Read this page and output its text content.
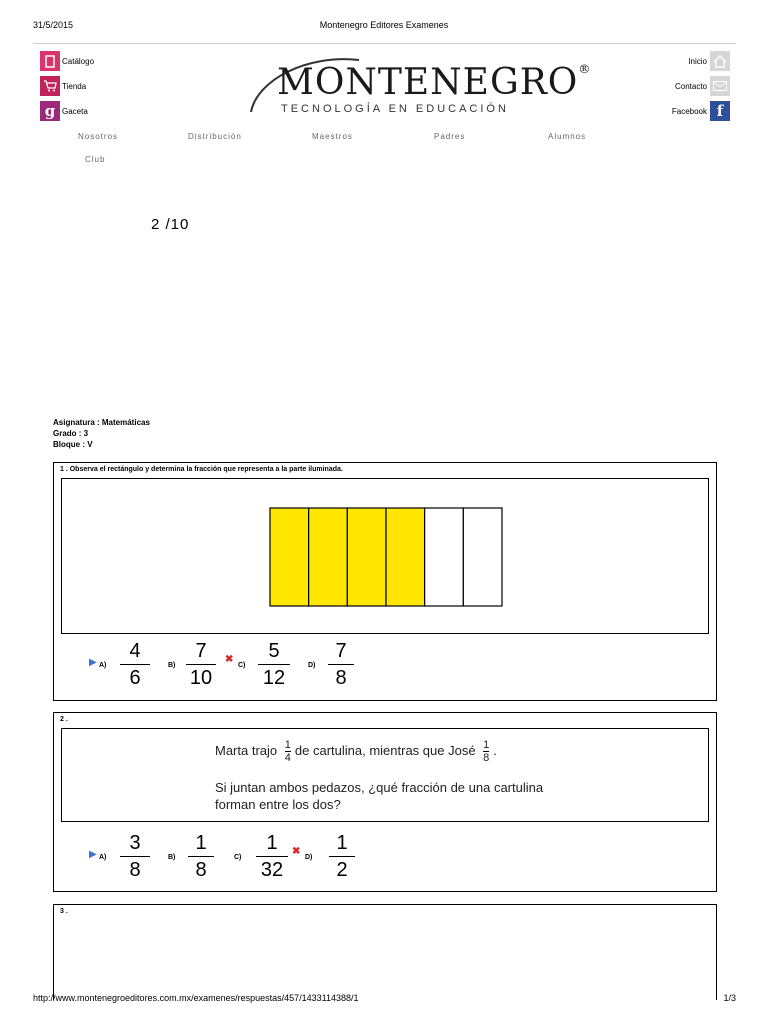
31/5/2015	Montenegro Editores Examenes
Catálogo
Tienda
g Gaceta
MONTENEGRO®
TECNOLOGÍA EN EDUCACIÓN
Inicio
Contacto
Facebook f
Nosotros	Distribución	Maestros	Padres	Alumnos
Club
2 /10
Asignatura : Matemáticas
Grado : 3
Bloque : V
1 . Observa el rectángulo y determina la fracción que representa a la parte iluminada.
▶ A)
4
6
B)
7
10
✖
C)
5
12
D)
7
8
2 .
Marta trajo $\frac{1}{4}$ de cartulina, mientras que José $\frac{1}{8}$ .
Si juntan ambos pedazos, ¿qué fracción de una cartulina
forman entre los dos?
▶ A)
3
8
B)
1
8
C)
1
32
✖
D)
1
2
3 .
http://www.montenegroeditores.com.mx/examenes/respuestas/457/1433114388/1	1/3
